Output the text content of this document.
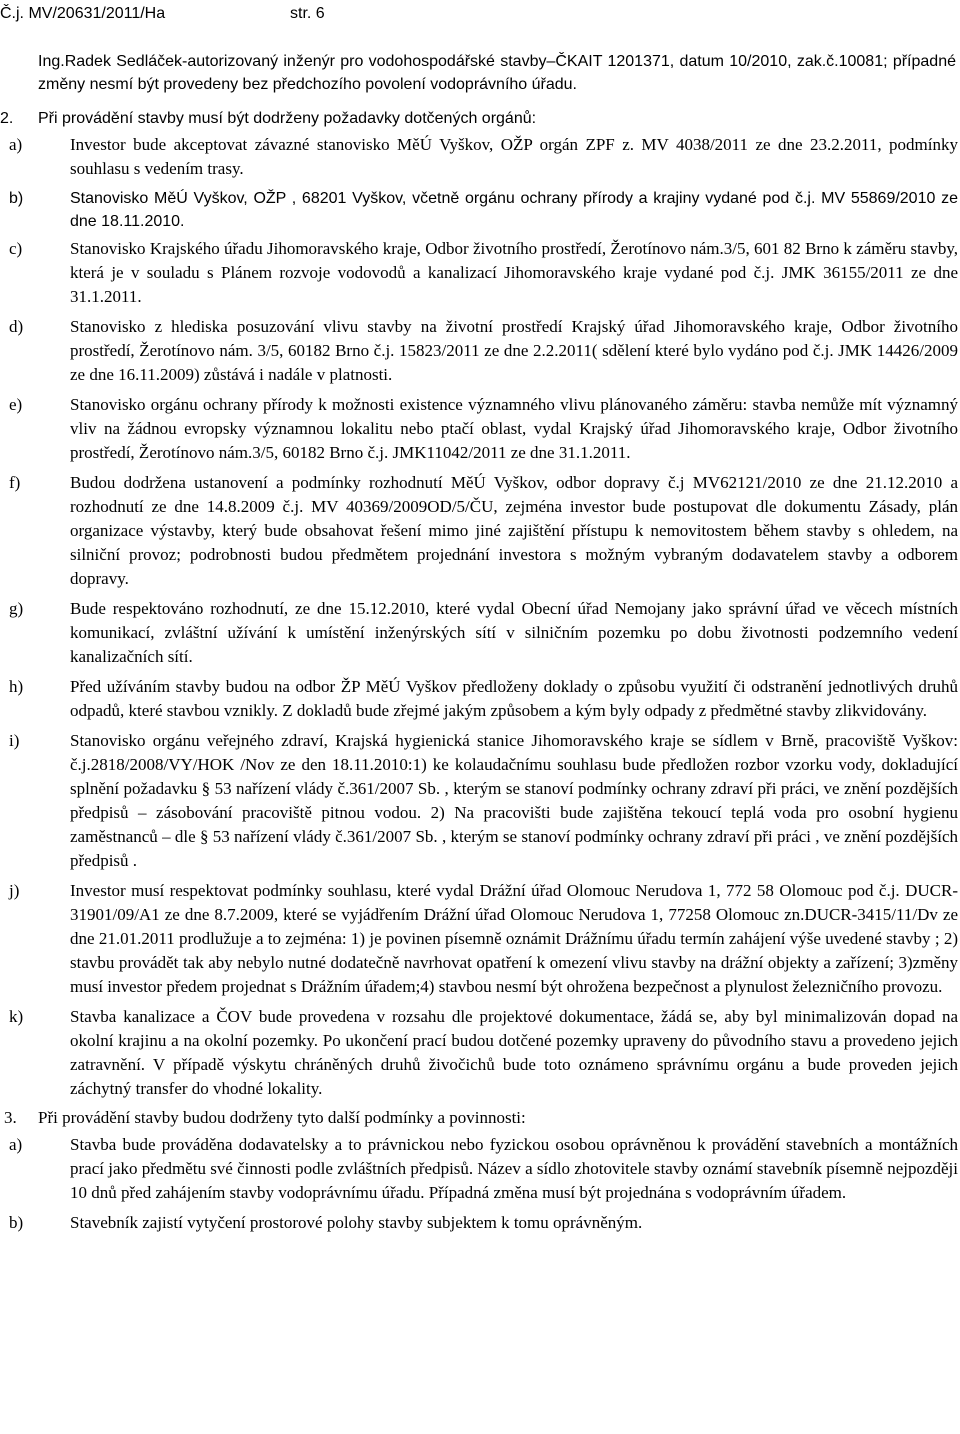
Č.j. MV/20631/2011/Ha	str. 6
Ing.Radek Sedláček-autorizovaný inženýr pro vodohospodářské stavby–ČKAIT 1201371, datum 10/2010, zak.č.10081; případné změny nesmí být provedeny bez předchozího povolení vodoprávního úřadu.
2. Při provádění stavby musí být dodrženy požadavky dotčených orgánů:
a)	Investor bude akceptovat závazné stanovisko MěÚ Vyškov, OŽP orgán ZPF z. MV 4038/2011 ze dne 23.2.2011, podmínky souhlasu s vedením trasy.
b)	Stanovisko MěÚ Vyškov, OŽP , 68201 Vyškov, včetně orgánu ochrany přírody a krajiny vydané pod č.j. MV 55869/2010 ze dne 18.11.2010.
c)	Stanovisko Krajského úřadu Jihomoravského kraje, Odbor životního prostředí, Žerotínovo nám.3/5, 601 82 Brno k záměru stavby, která je v souladu s Plánem rozvoje vodovodů a kanalizací Jihomoravského kraje vydané pod č.j. JMK 36155/2011 ze dne 31.1.2011.
d)	Stanovisko z hlediska posuzování vlivu stavby na životní prostředí Krajský úřad Jihomoravského kraje, Odbor životního prostředí, Žerotínovo nám. 3/5, 60182 Brno č.j. 15823/2011 ze dne 2.2.2011( sdělení které bylo vydáno pod č.j. JMK 14426/2009 ze dne 16.11.2009) zůstává i nadále v platnosti.
e)	Stanovisko orgánu ochrany přírody k možnosti existence významného vlivu plánovaného záměru: stavba nemůže mít významný vliv na žádnou evropsky významnou lokalitu nebo ptačí oblast, vydal Krajský úřad Jihomoravského kraje, Odbor životního prostředí, Žerotínovo nám.3/5, 60182 Brno č.j. JMK11042/2011 ze dne 31.1.2011.
f)	Budou dodržena ustanovení a podmínky rozhodnutí MěÚ Vyškov, odbor dopravy č.j MV62121/2010 ze dne 21.12.2010 a rozhodnutí ze dne 14.8.2009 č.j. MV 40369/2009OD/5/ČU, zejména investor bude postupovat dle dokumentu Zásady, plán organizace výstavby, který bude obsahovat řešení mimo jiné zajištění přístupu k nemovitostem během stavby s ohledem, na silniční provoz; podrobnosti budou předmětem projednání investora s možným vybraným dodavatelem stavby a odborem dopravy.
g)	Bude respektováno rozhodnutí, ze dne 15.12.2010, které vydal Obecní úřad Nemojany jako správní úřad ve věcech místních komunikací, zvláštní užívání k umístění inženýrských sítí v silničním pozemku po dobu životnosti podzemního vedení kanalizačních sítí.
h)	Před užíváním stavby budou na odbor ŽP MěÚ Vyškov předloženy doklady o způsobu využití či odstranění jednotlivých druhů odpadů, které stavbou vznikly. Z dokladů bude zřejmé jakým způsobem a kým byly odpady z předmětné stavby zlikvidovány.
i)	Stanovisko orgánu veřejného zdraví, Krajská hygienická stanice Jihomoravského kraje se sídlem v Brně, pracoviště Vyškov: č.j.2818/2008/VY/HOK /Nov ze den 18.11.2010:1) ke kolaudačnímu souhlasu bude předložen rozbor vzorku vody, dokladující splnění požadavku § 53 nařízení vlády č.361/2007 Sb. , kterým se stanoví podmínky ochrany zdraví při práci, ve znění pozdějších předpisů – zásobování pracoviště pitnou vodou. 2) Na pracovišti bude zajištěna tekoucí teplá voda pro osobní hygienu zaměstnanců – dle § 53 nařízení vlády č.361/2007 Sb. , kterým se stanoví podmínky ochrany zdraví při práci , ve znění pozdějších předpisů .
j)	Investor musí respektovat podmínky souhlasu, které vydal Drážní úřad Olomouc Nerudova 1, 772 58 Olomouc pod č.j. DUCR-31901/09/A1 ze dne 8.7.2009, které se vyjádřením Drážní úřad Olomouc Nerudova 1, 77258 Olomouc zn.DUCR-3415/11/Dv ze dne 21.01.2011 prodlužuje a to zejména: 1) je povinen písemně oznámit Drážnímu úřadu termín zahájení výše uvedené stavby ; 2) stavbu provádět tak aby nebylo nutné dodatečně navrhovat opatření k omezení vlivu stavby na drážní objekty a zařízení; 3)změny musí investor předem projednat s Drážním úřadem;4) stavbou nesmí být ohrožena bezpečnost a plynulost železničního provozu.
k)	Stavba kanalizace a ČOV bude provedena v rozsahu dle projektové dokumentace, žádá se, aby byl minimalizován dopad na okolní krajinu a na okolní pozemky. Po ukončení prací budou dotčené pozemky upraveny do původního stavu a provedeno jejich zatravnění. V případě výskytu chráněných druhů živočichů bude toto oznámeno správnímu orgánu a bude proveden jejich záchytný transfer do vhodné lokality.
3. Při provádění stavby budou dodrženy tyto další podmínky a povinnosti:
a)	Stavba bude prováděna dodavatelsky a to právnickou nebo fyzickou osobou oprávněnou k provádění stavebních a montážních prací jako předmětu své činnosti podle zvláštních předpisů. Název a sídlo zhotovitele stavby oznámí stavebník písemně nejpozději 10 dnů před zahájením stavby vodoprávnímu úřadu. Případná změna musí být projednána s vodoprávním úřadem.
b)	Stavebník zajistí vytyčení prostorové polohy stavby subjektem k tomu oprávněným.
